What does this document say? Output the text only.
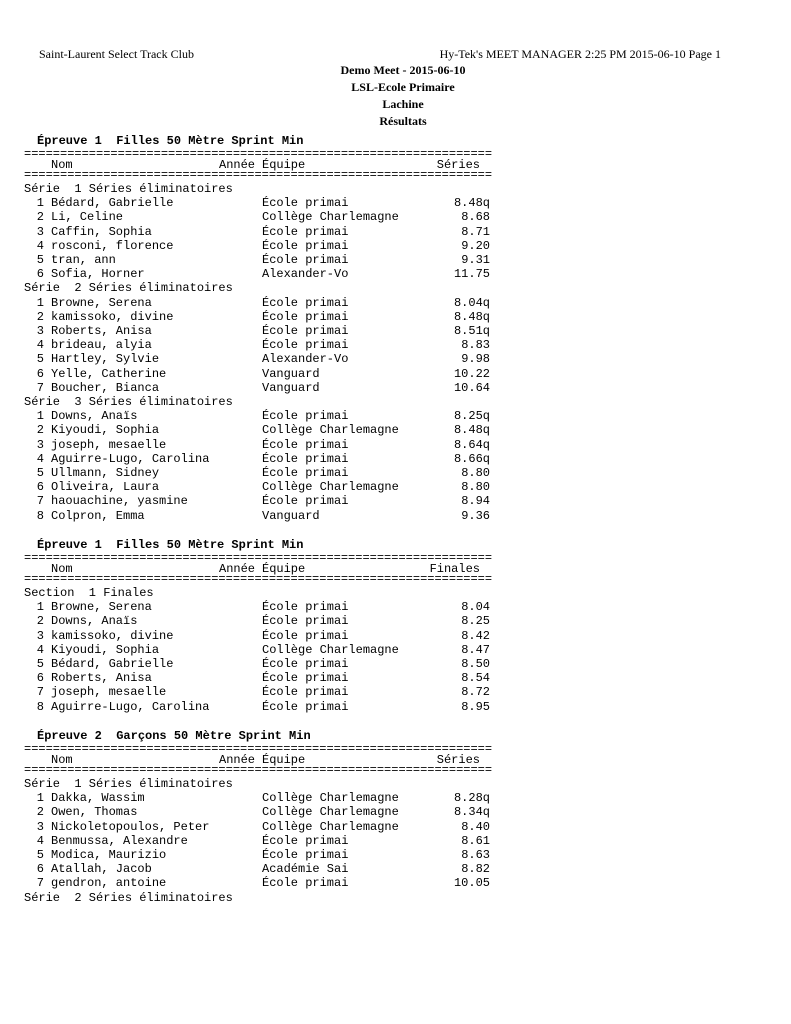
Saint-Laurent Select Track Club	Hy-Tek's MEET MANAGER 2:25 PM 2015-06-10 Page 1
Demo Meet - 2015-06-10
LSL-Ecole Primaire
Lachine
Résultats
Épreuve 1  Filles 50 Mètre Sprint Min
=================================================================
Nom	Année Équipe	Séries
=================================================================
Série  1 Séries éliminatoires
1 Bédard, Gabrielle	École primai	8.48q
2 Li, Celine	Collège Charlemagne	8.68
3 Caffin, Sophia	École primai	8.71
4 rosconi, florence	École primai	9.20
5 tran, ann	École primai	9.31
6 Sofia, Horner	Alexander-Vo	11.75
Série  2 Séries éliminatoires
1 Browne, Serena	École primai	8.04q
2 kamissoko, divine	École primai	8.48q
3 Roberts, Anisa	École primai	8.51q
4 brideau, alyia	École primai	8.83
5 Hartley, Sylvie	Alexander-Vo	9.98
6 Yelle, Catherine	Vanguard	10.22
7 Boucher, Bianca	Vanguard	10.64
Série  3 Séries éliminatoires
1 Downs, Anaïs	École primai	8.25q
2 Kiyoudi, Sophia	Collège Charlemagne	8.48q
3 joseph, mesaelle	École primai	8.64q
4 Aguirre-Lugo, Carolina	École primai	8.66q
5 Ullmann, Sidney	École primai	8.80
6 Oliveira, Laura	Collège Charlemagne	8.80
7 haouachine, yasmine	École primai	8.94
8 Colpron, Emma	Vanguard	9.36
Épreuve 1  Filles 50 Mètre Sprint Min
=================================================================
Nom	Année Équipe	Finales
=================================================================
Section  1 Finales
1 Browne, Serena	École primai	8.04
2 Downs, Anaïs	École primai	8.25
3 kamissoko, divine	École primai	8.42
4 Kiyoudi, Sophia	Collège Charlemagne	8.47
5 Bédard, Gabrielle	École primai	8.50
6 Roberts, Anisa	École primai	8.54
7 joseph, mesaelle	École primai	8.72
8 Aguirre-Lugo, Carolina	École primai	8.95
Épreuve 2  Garçons 50 Mètre Sprint Min
=================================================================
Nom	Année Équipe	Séries
=================================================================
Série  1 Séries éliminatoires
1 Dakka, Wassim	Collège Charlemagne	8.28q
2 Owen, Thomas	Collège Charlemagne	8.34q
3 Nickoletopoulos, Peter	Collège Charlemagne	8.40
4 Benmussa, Alexandre	École primai	8.61
5 Modica, Maurizio	École primai	8.63
6 Atallah, Jacob	Académie Sai	8.82
7 gendron, antoine	École primai	10.05
Série  2 Séries éliminatoires
